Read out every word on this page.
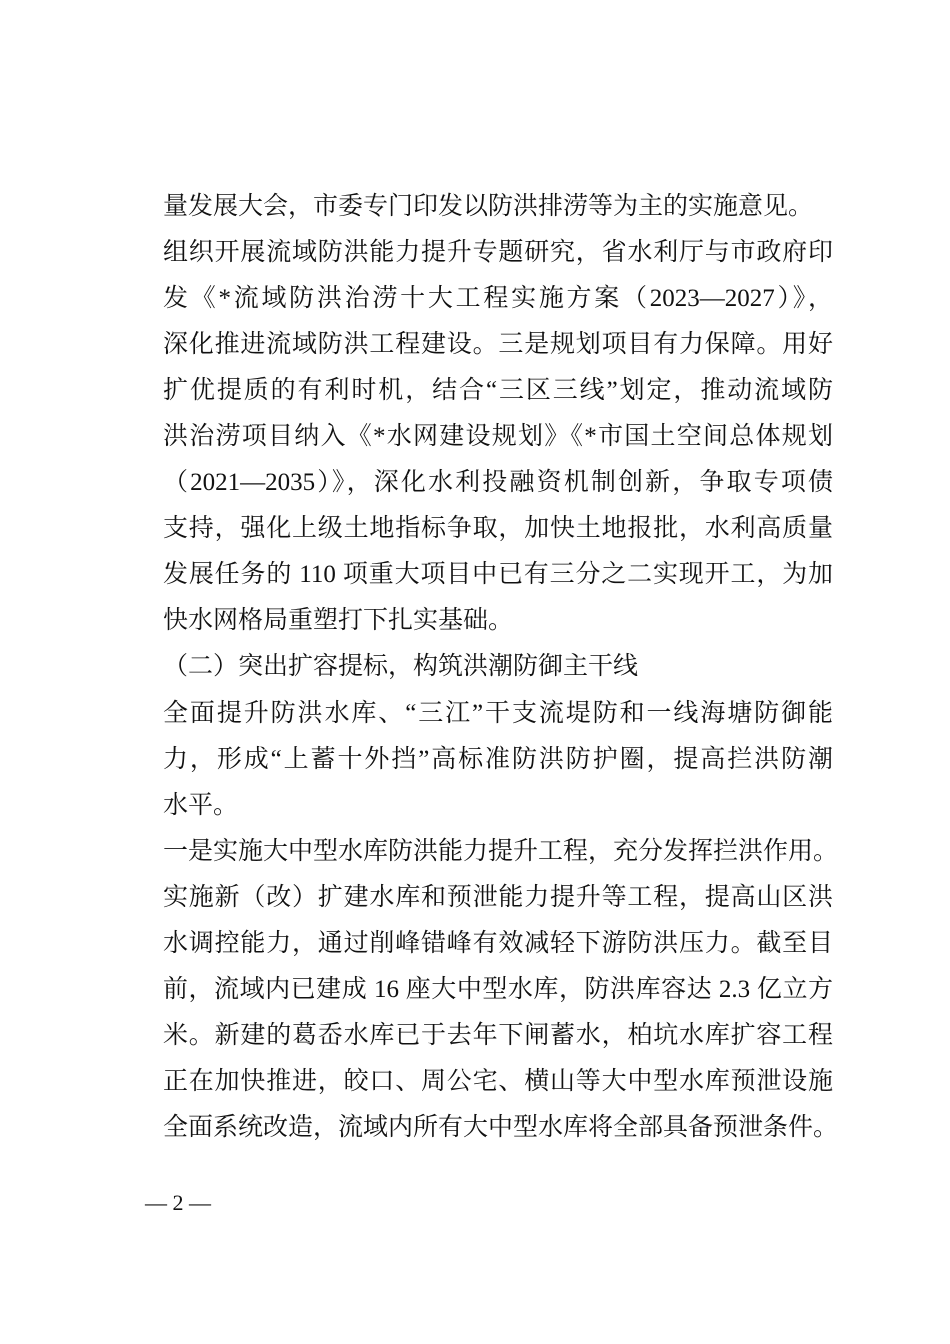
量发展大会，市委专门印发以防洪排涝等为主的实施意见。
组织开展流域防洪能力提升专题研究，省水利厅与市政府印
发《*流域防洪治涝十大工程实施方案（2023—2027）》，
深化推进流域防洪工程建设。三是规划项目有力保障。用好
扩优提质的有利时机，结合“三区三线”划定，推动流域防
洪治涝项目纳入《*水网建设规划》《*市国土空间总体规划
（2021—2035）》，深化水利投融资机制创新，争取专项债
支持，强化上级土地指标争取，加快土地报批，水利高质量
发展任务的 110 项重大项目中已有三分之二实现开工，为加
快水网格局重塑打下扎实基础。
（二）突出扩容提标，构筑洪潮防御主干线
全面提升防洪水库、“三江”干支流堤防和一线海塘防御能
力，形成“上蓄十外挡”高标准防洪防护圈，提高拦洪防潮
水平。
一是实施大中型水库防洪能力提升工程，充分发挥拦洪作用。
实施新（改）扩建水库和预泄能力提升等工程，提高山区洪
水调控能力，通过削峰错峰有效减轻下游防洪压力。截至目
前，流域内已建成 16 座大中型水库，防洪库容达 2.3 亿立方
米。新建的葛岙水库已于去年下闸蓄水，柏坑水库扩容工程
正在加快推进，皎口、周公宅、横山等大中型水库预泄设施
全面系统改造，流域内所有大中型水库将全部具备预泄条件。
— 2 —
